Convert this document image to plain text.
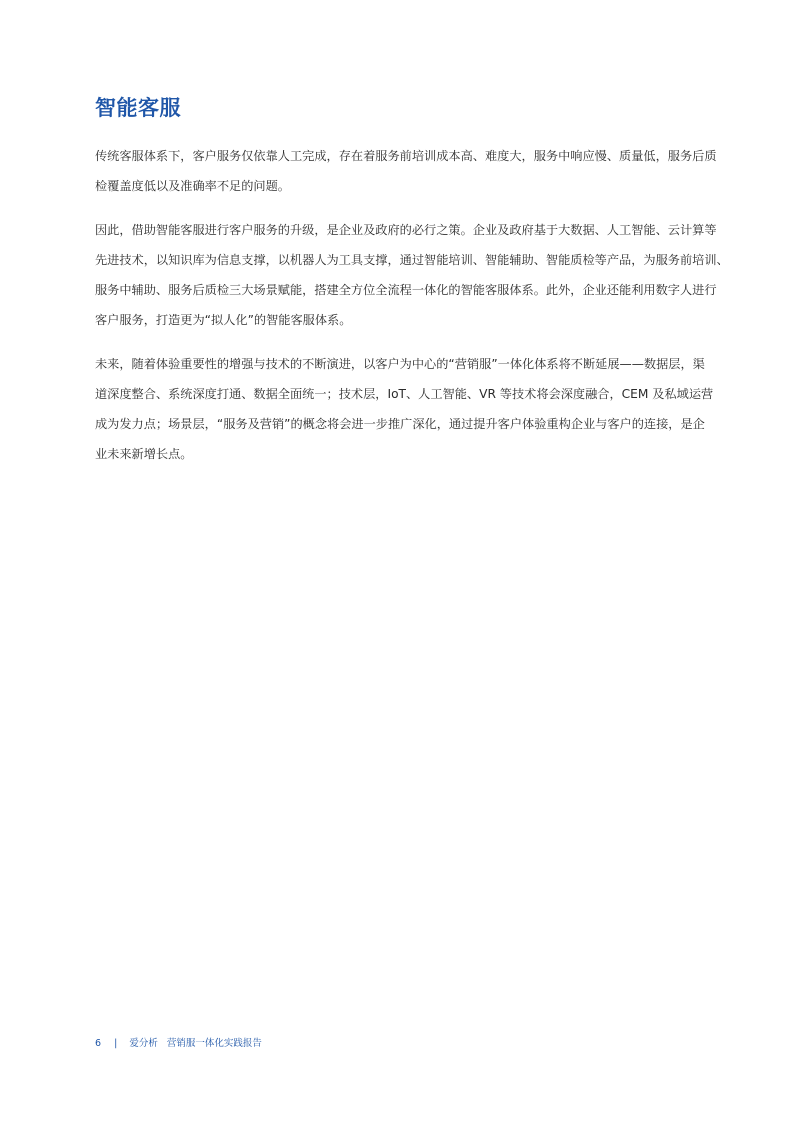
智能客服

传统客服体系下，客户服务仅依靠人工完成，存在着服务前培训成本高、难度大，服务中响应慢、质量低，服务后质
检覆盖度低以及准确率不足的问题。

因此，借助智能客服进行客户服务的升级，是企业及政府的必行之策。企业及政府基于大数据、人工智能、云计算等
先进技术，以知识库为信息支撑，以机器人为工具支撑，通过智能培训、智能辅助、智能质检等产品，为服务前培训、
服务中辅助、服务后质检三大场景赋能，搭建全方位全流程一体化的智能客服体系。此外，企业还能利用数字人进行
客户服务，打造更为“拟人化”的智能客服体系。

未来，随着体验重要性的增强与技术的不断演进，以客户为中心的“营销服”一体化体系将不断延展——数据层，渠
道深度整合、系统深度打通、数据全面统一；技术层，IoT、人工智能、VR 等技术将会深度融合，CEM 及私域运营
成为发力点；场景层，“服务及营销”的概念将会进一步推广深化，通过提升客户体验重构企业与客户的连接，是企
业未来新增长点。

6 | 爱分析 营销服一体化实践报告
